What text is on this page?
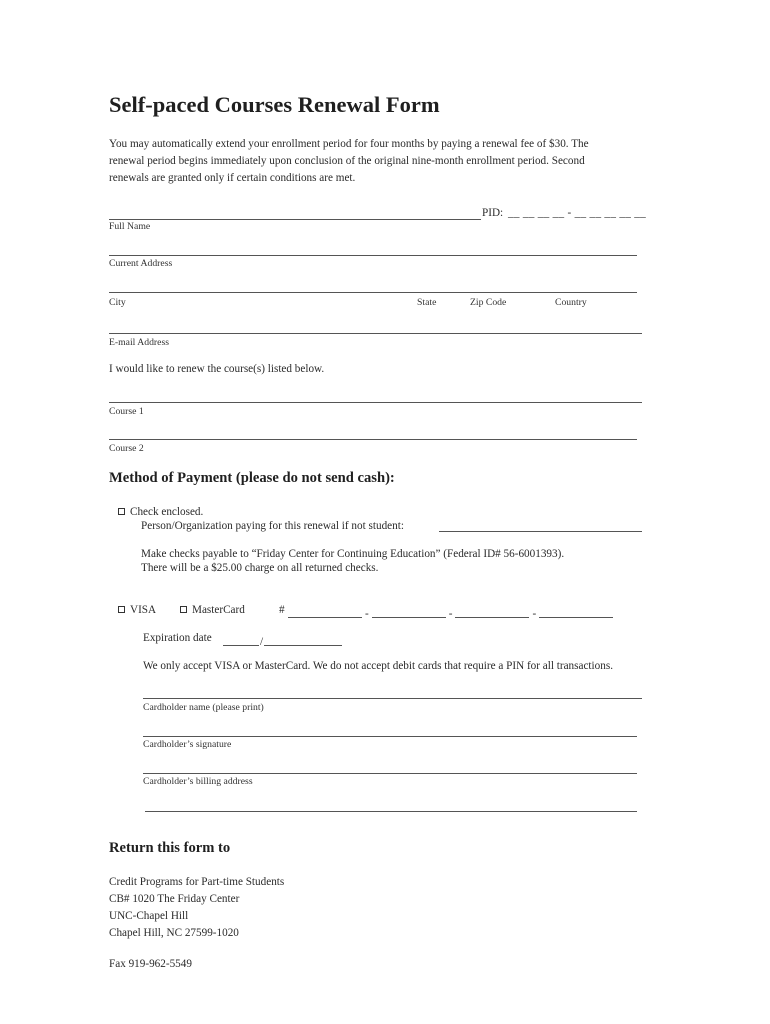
Self-paced Courses Renewal Form
You may automatically extend your enrollment period for four months by paying a renewal fee of $30. The
renewal period begins immediately upon conclusion of the original nine-month enrollment period. Second
renewals are granted only if certain conditions are met.
PID: __ __ __ __ - __ __ __ __ __
Full Name
Current Address
City	State	Zip Code	Country
E-mail Address
I would like to renew the course(s) listed below.
Course 1
Course 2
Method of Payment (please do not send cash):
Check enclosed.
Person/Organization paying for this renewal if not student:
Make checks payable to “Friday Center for Continuing Education” (Federal ID# 56-6001393).
There will be a $25.00 charge on all returned checks.
VISA	MasterCard	#	-	-	-
Expiration date	/
We only accept VISA or MasterCard. We do not accept debit cards that require a PIN for all transactions.
Cardholder name (please print)
Cardholder’s signature
Cardholder’s billing address
Return this form to
Credit Programs for Part-time Students
CB# 1020 The Friday Center
UNC-Chapel Hill
Chapel Hill, NC 27599-1020
Fax 919-962-5549
